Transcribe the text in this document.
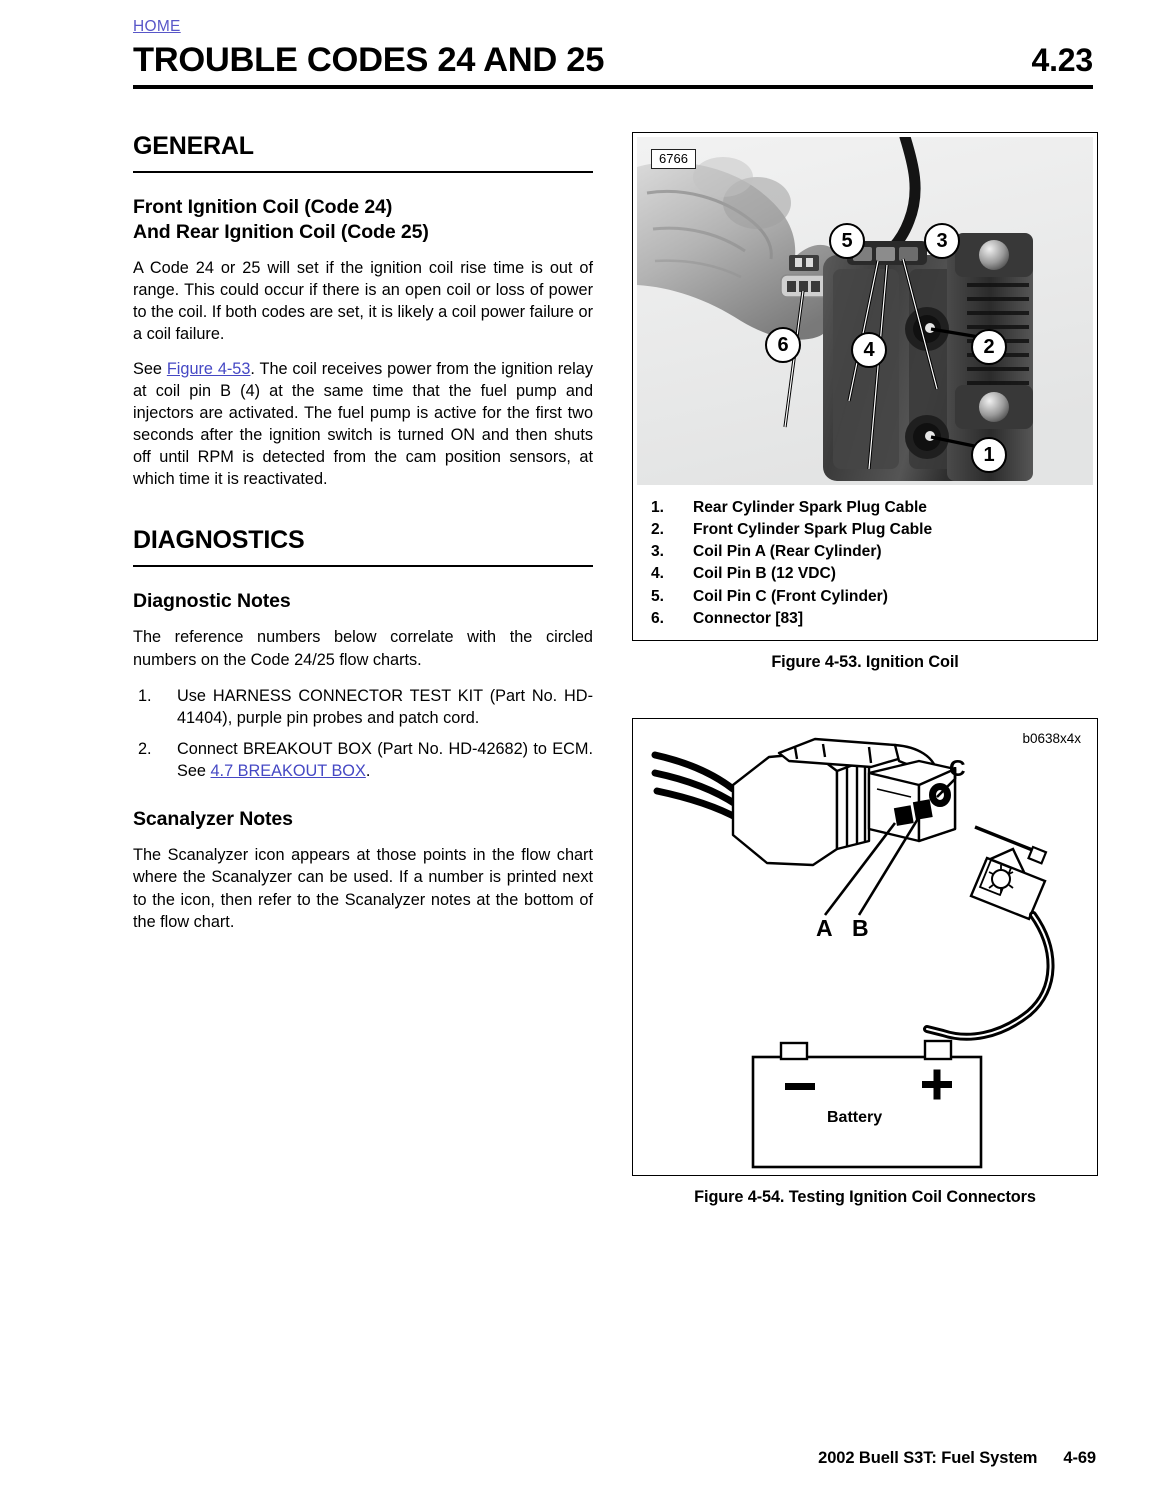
HOME
TROUBLE CODES 24 AND 25	4.23
GENERAL
Front Ignition Coil (Code 24)
And Rear Ignition Coil (Code 25)

A Code 24 or 25 will set if the ignition coil rise time is out of range. This could occur if there is an open coil or loss of power to the coil. If both codes are set, it is likely a coil power failure or a coil failure.

See Figure 4-53. The coil receives power from the ignition relay at coil pin B (4) at the same time that the fuel pump and injectors are activated. The fuel pump is active for the first two seconds after the ignition switch is turned ON and then shuts off until RPM is detected from the cam position sensors, at which time it is reactivated.

DIAGNOSTICS
Diagnostic Notes

The reference numbers below correlate with the circled numbers on the Code 24/25 flow charts.

1. Use HARNESS CONNECTOR TEST KIT (Part No. HD-41404), purple pin probes and patch cord.
2. Connect BREAKOUT BOX (Part No. HD-42682) to ECM. See 4.7 BREAKOUT BOX.
Scanalyzer Notes

The Scanalyzer icon appears at those points in the flow chart where the Scanalyzer can be used. If a number is printed next to the icon, then refer to the Scanalyzer notes at the bottom of the flow chart.

6766
5	3
4
6	2
1
1. Rear Cylinder Spark Plug Cable
2. Front Cylinder Spark Plug Cable
3. Coil Pin A (Rear Cylinder)
4. Coil Pin B (12 VDC)
5. Coil Pin C (Front Cylinder)
6. Connector [83]
Figure 4-53. Ignition Coil
b0638x4x
A B
C
Battery
Figure 4-54. Testing Ignition Coil Connectors
2002 Buell S3T: Fuel System 4-69
